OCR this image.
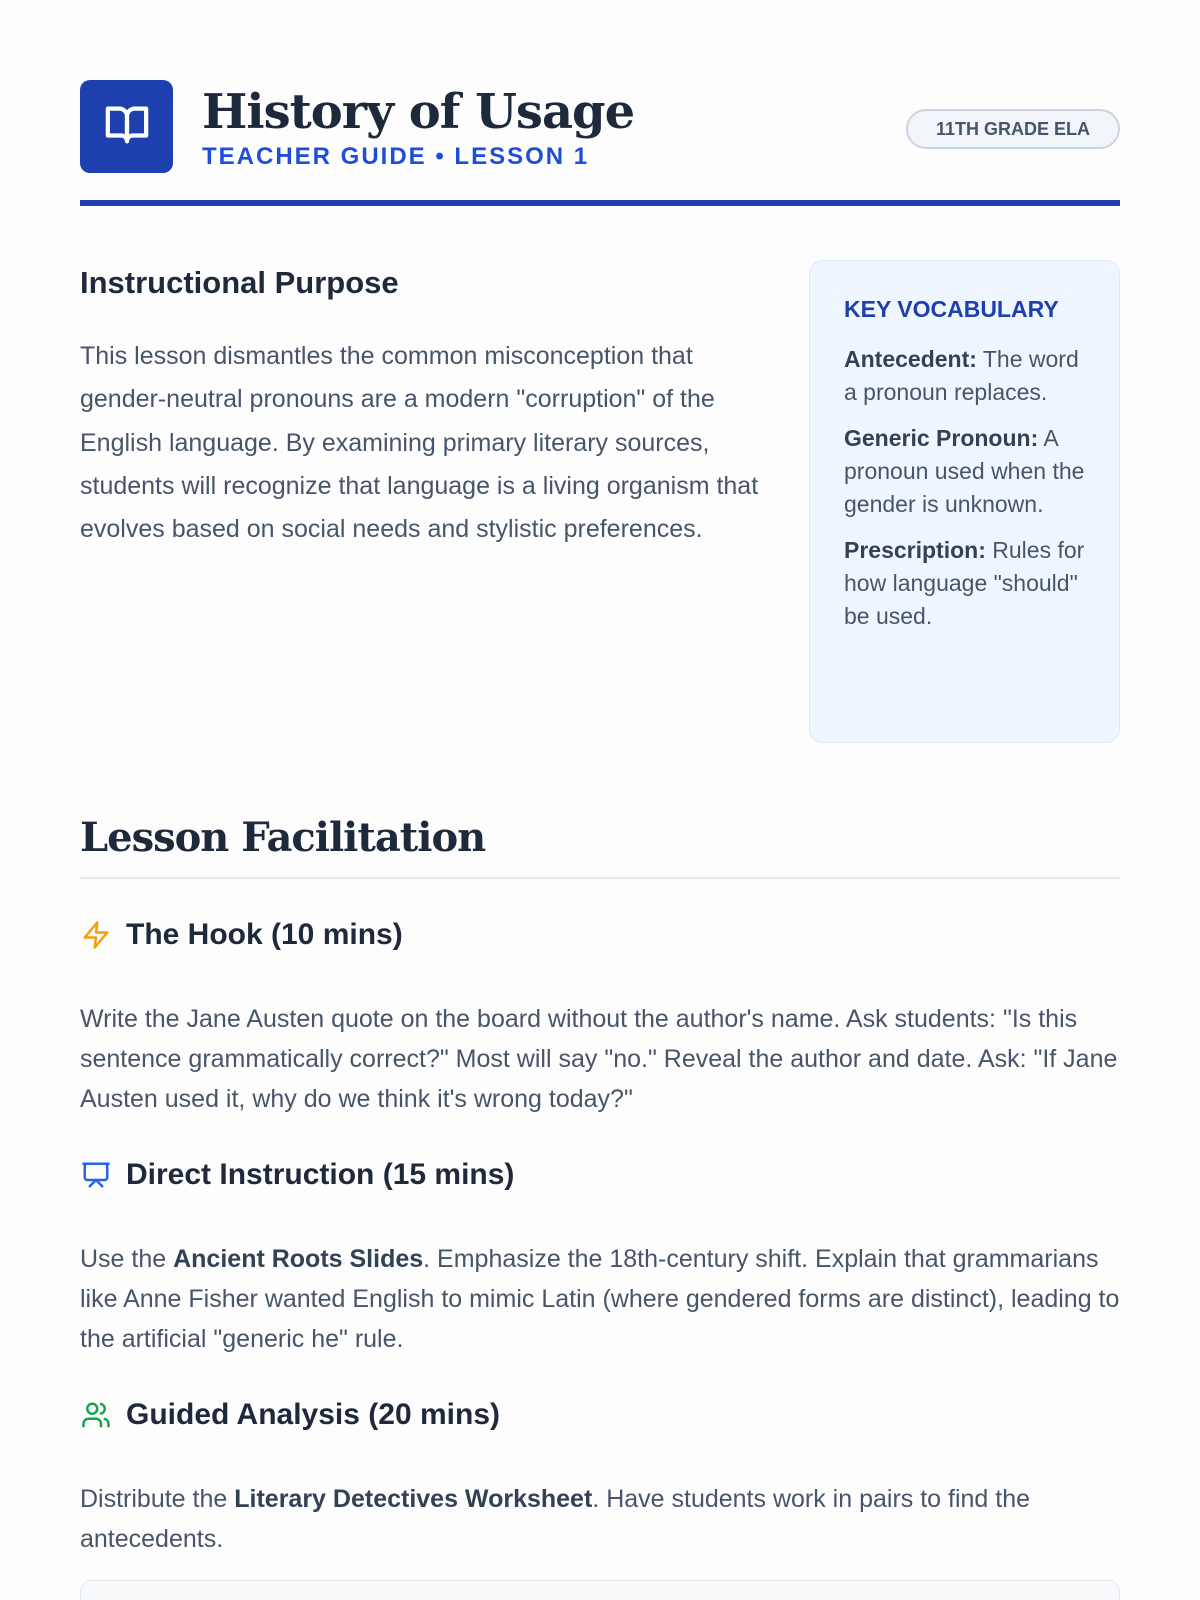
History of Usage
TEACHER GUIDE • LESSON 1
11TH GRADE ELA
Instructional Purpose

This lesson dismantles the common misconception that gender-neutral pronouns are a modern "corruption" of the English language. By examining primary literary sources, students will recognize that language is a living organism that evolves based on social needs and stylistic preferences.

KEY VOCABULARY
Antecedent: The word a pronoun replaces.
Generic Pronoun: A pronoun used when the gender is unknown.
Prescription: Rules for how language "should" be used.
Lesson Facilitation
The Hook (10 mins)

Write the Jane Austen quote on the board without the author's name. Ask students: "Is this sentence grammatically correct?" Most will say "no." Reveal the author and date. Ask: "If Jane Austen used it, why do we think it's wrong today?"

Direct Instruction (15 mins)

Use the Ancient Roots Slides. Emphasize the 18th-century shift. Explain that grammarians like Anne Fisher wanted English to mimic Latin (where gendered forms are distinct), leading to the artificial "generic he" rule.

Guided Analysis (20 mins)

Distribute the Literary Detectives Worksheet. Have students work in pairs to find the antecedents.
